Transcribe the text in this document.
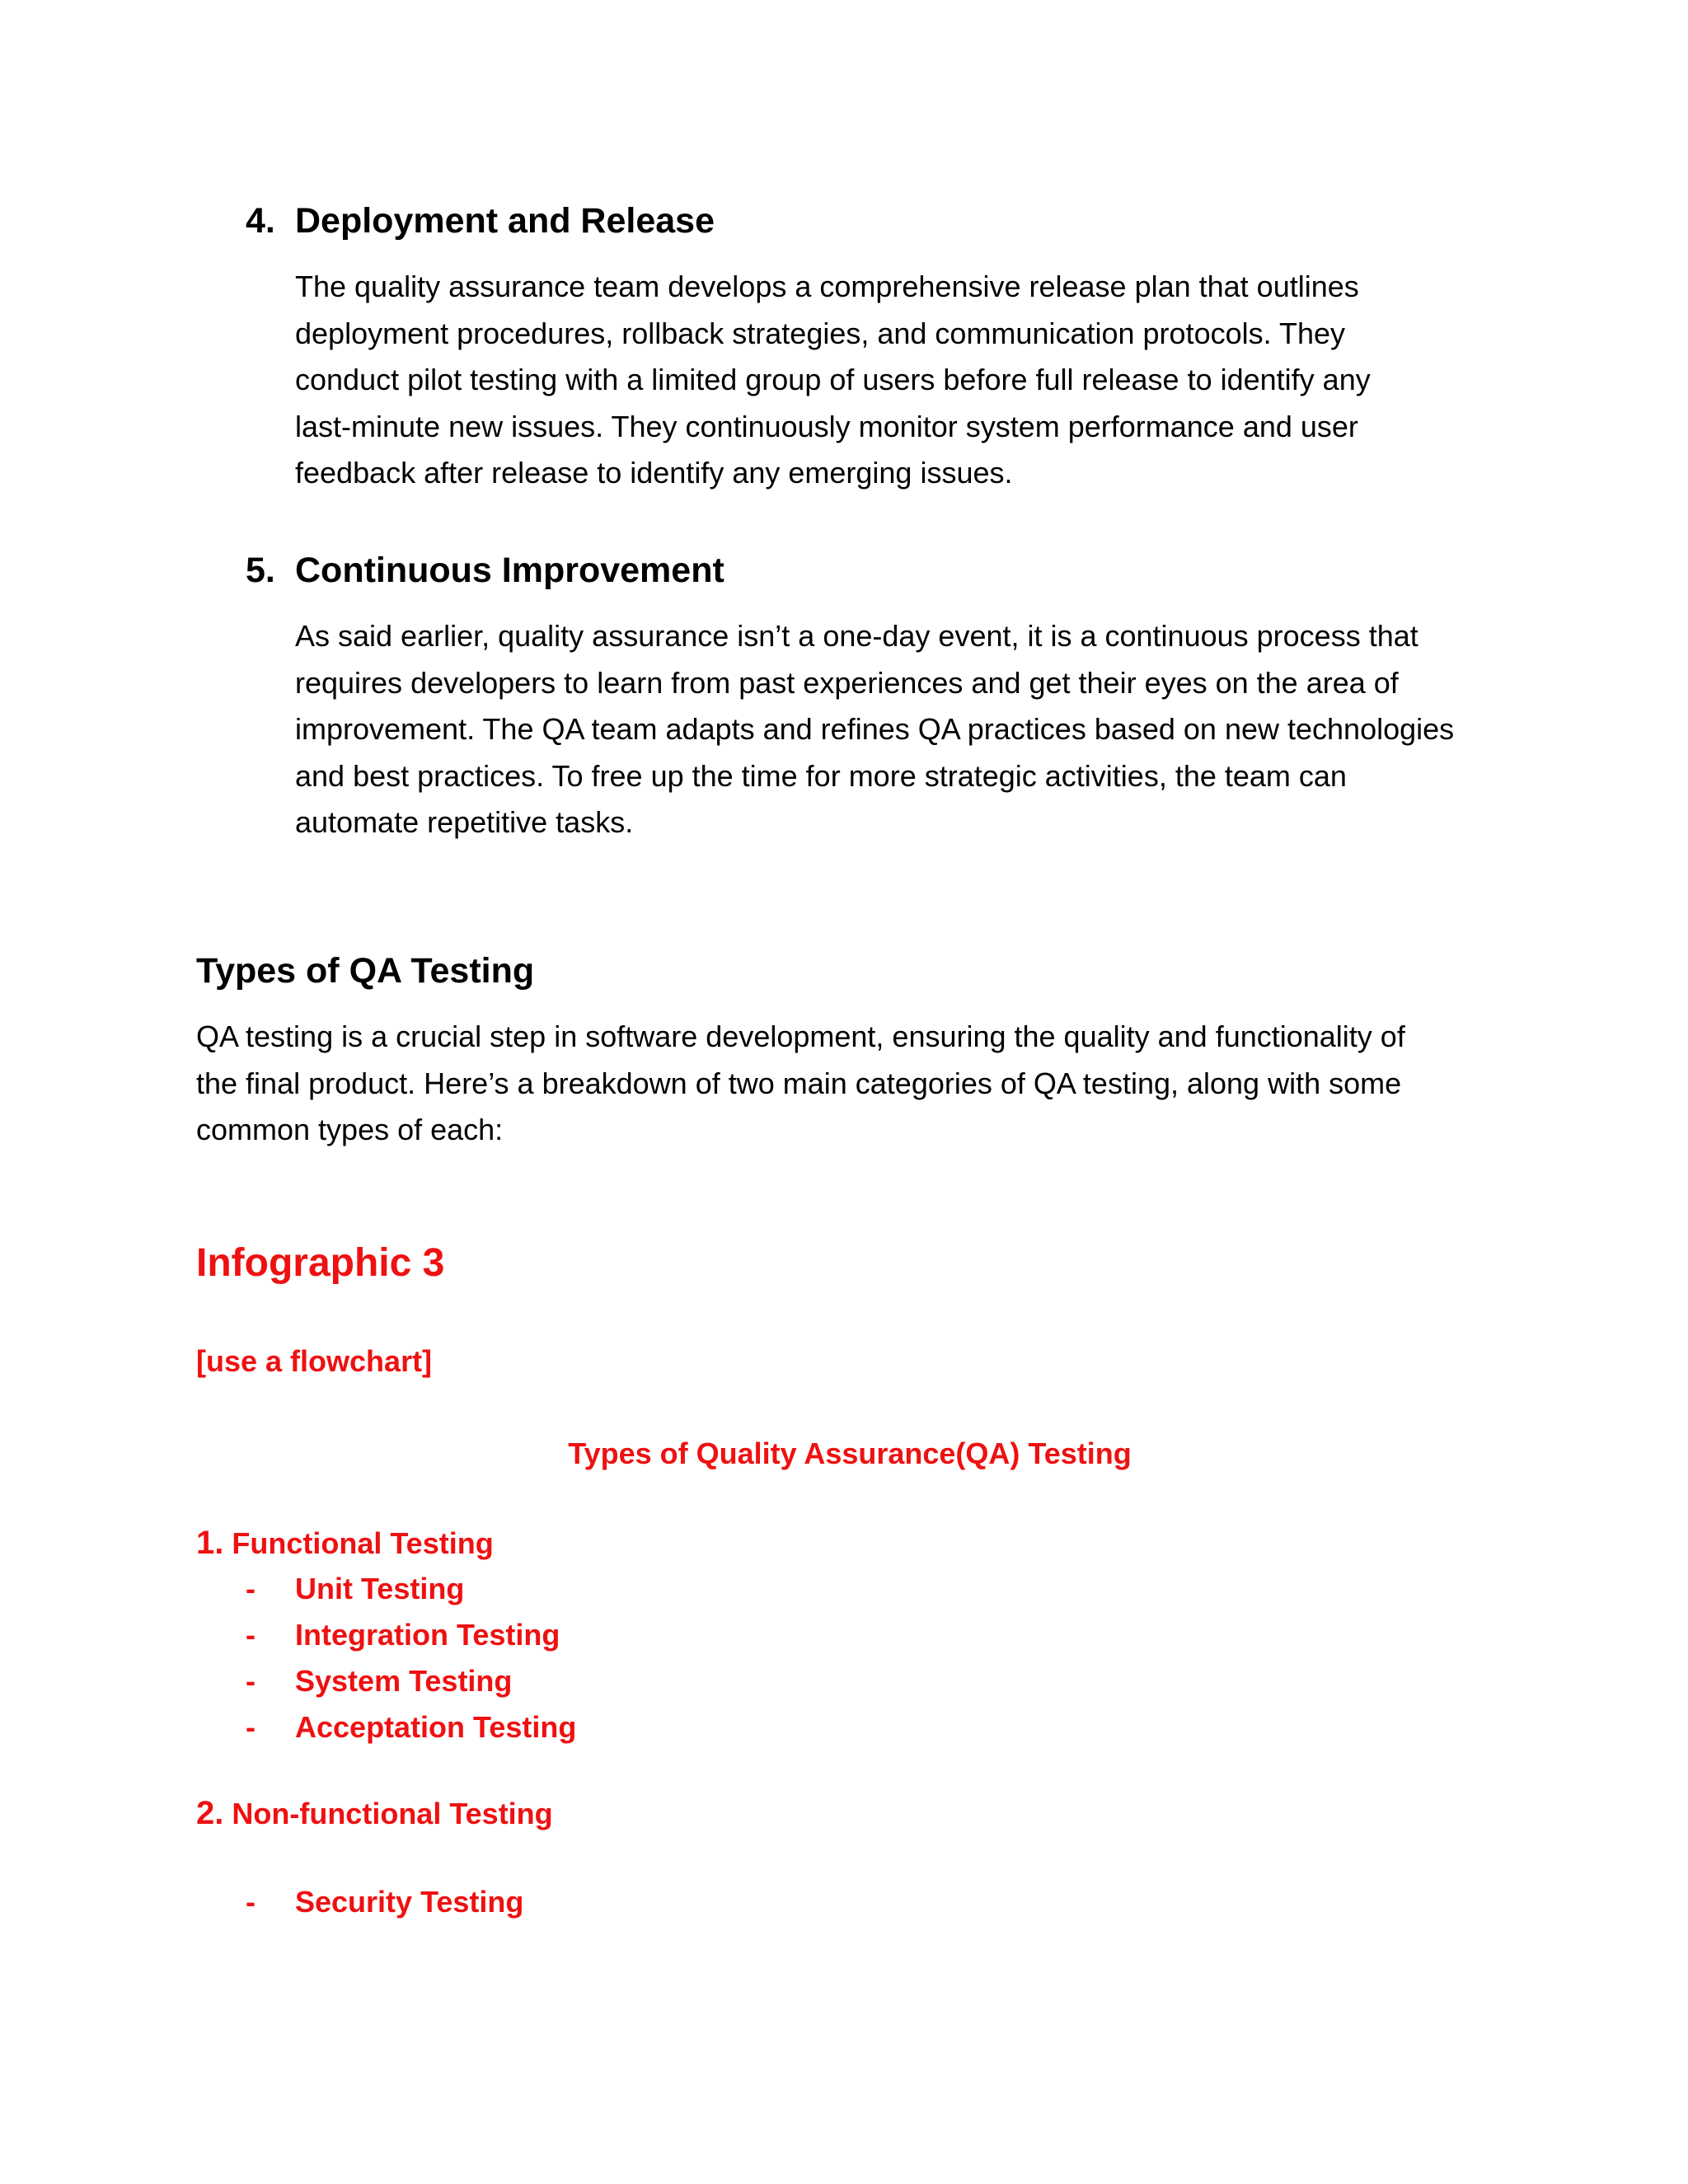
4. Deployment and Release
The quality assurance team develops a comprehensive release plan that outlines
deployment procedures, rollback strategies, and communication protocols. They
conduct pilot testing with a limited group of users before full release to identify any
last-minute new issues. They continuously monitor system performance and user
feedback after release to identify any emerging issues.
5. Continuous Improvement
As said earlier, quality assurance isn’t a one-day event, it is a continuous process that
requires developers to learn from past experiences and get their eyes on the area of
improvement. The QA team adapts and refines QA practices based on new technologies
and best practices. To free up the time for more strategic activities, the team can
automate repetitive tasks.
Types of QA Testing
QA testing is a crucial step in software development, ensuring the quality and functionality of
the final product. Here’s a breakdown of two main categories of QA testing, along with some
common types of each:
Infographic 3
[use a flowchart]
Types of Quality Assurance(QA) Testing
1. Functional Testing
- Unit Testing
- Integration Testing
- System Testing
- Acceptation Testing
2. Non-functional Testing
- Security Testing
